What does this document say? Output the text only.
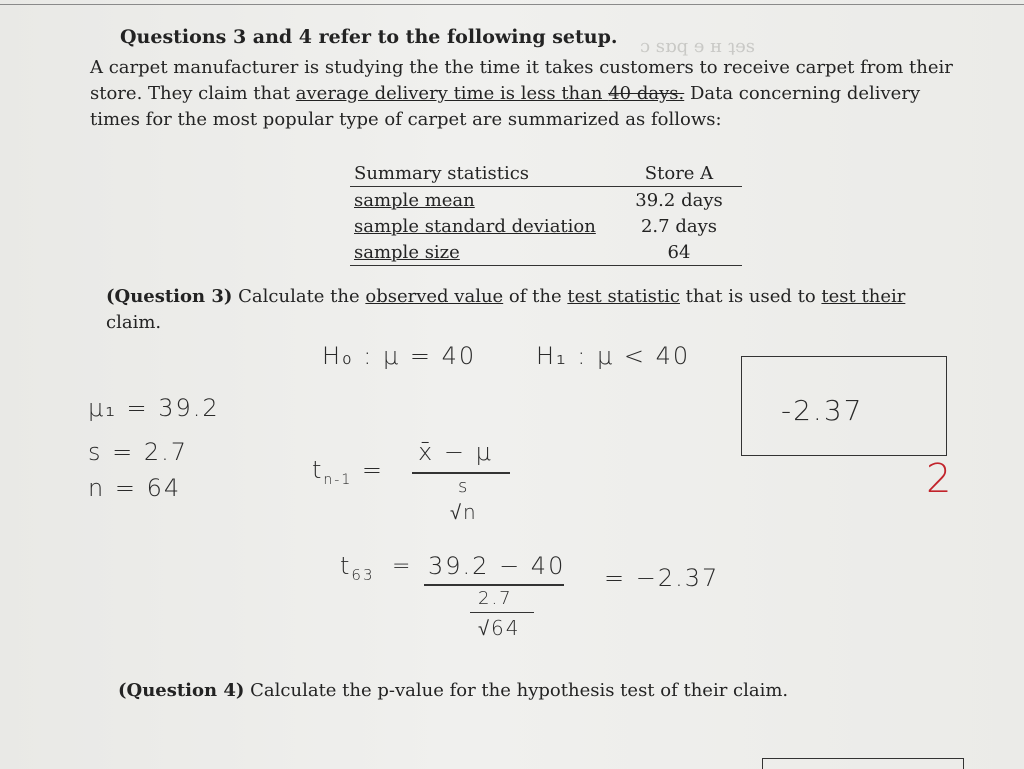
ɔ sɒq ɘ ʜ ʇɘs
Questions 3 and 4 refer to the following setup.
A carpet manufacturer is studying the the time it takes customers to receive carpet from their store. They claim that average delivery time is less than 40 days. Data concerning delivery times for the most popular type of carpet are summarized as follows:
Summary statistics	Store A
sample mean	39.2 days
sample standard deviation	2.7 days
sample size	64
(Question 3) Calculate the observed value of the test statistic that is used to test their claim.
H₀ : μ = 40 H₁ : μ < 40
μ₁ = 39.2
s = 2.7
n = 64
$t_{n-1}$ =
x̄ − μ
s
√n
$t_{63} = 39.2 - 40$
2.7
√64
= −2.37
-2.37
2
(Question 4) Calculate the p-value for the hypothesis test of their claim.
